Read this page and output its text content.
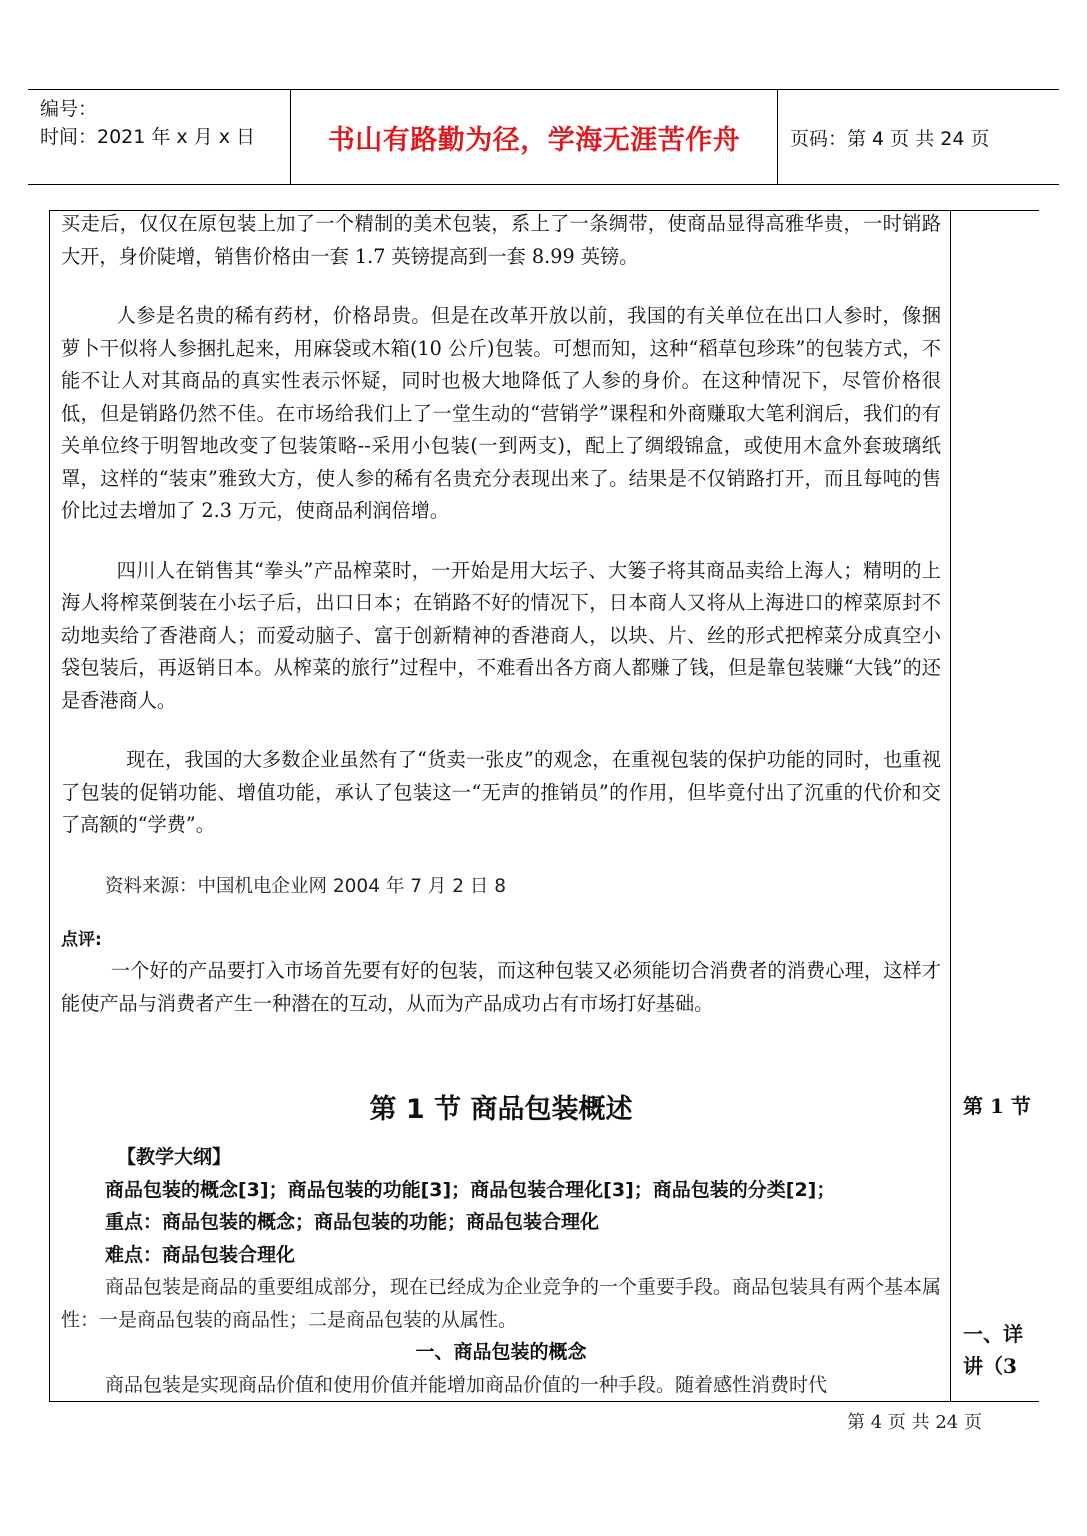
编号：
时间：2021 年 x 月 x 日	书山有路勤为径，学海无涯苦作舟	页码：第 4 页 共 24 页

买走后，仅仅在原包装上加了一个精制的美术包装，系上了一条绸带，使商品显得高雅华贵，一时销路大开，身价陡增，销售价格由一套 1.7 英镑提高到一套 8.99 英镑。

人参是名贵的稀有药材，价格昂贵。但是在改革开放以前，我国的有关单位在出口人参时，像捆萝卜干似将人参捆扎起来，用麻袋或木箱(10 公斤)包装。可想而知，这种“稻草包珍珠”的包装方式，不能不让人对其商品的真实性表示怀疑，同时也极大地降低了人参的身价。在这种情况下，尽管价格很低，但是销路仍然不佳。在市场给我们上了一堂生动的“营销学”课程和外商赚取大笔利润后，我们的有关单位终于明智地改变了包装策略--采用小包装(一到两支)，配上了绸缎锦盒，或使用木盒外套玻璃纸罩，这样的“装束”雅致大方，使人参的稀有名贵充分表现出来了。结果是不仅销路打开，而且每吨的售价比过去增加了 2.3 万元，使商品利润倍增。

四川人在销售其“拳头”产品榨菜时，一开始是用大坛子、大篓子将其商品卖给上海人；精明的上海人将榨菜倒装在小坛子后，出口日本；在销路不好的情况下，日本商人又将从上海进口的榨菜原封不动地卖给了香港商人；而爱动脑子、富于创新精神的香港商人，以块、片、丝的形式把榨菜分成真空小袋包装后，再返销日本。从榨菜的旅行”过程中，不难看出各方商人都赚了钱，但是靠包装赚“大钱”的还是香港商人。

现在，我国的大多数企业虽然有了“货卖一张皮”的观念，在重视包装的保护功能的同时，也重视了包装的促销功能、增值功能，承认了包装这一“无声的推销员”的作用，但毕竟付出了沉重的代价和交了高额的“学费”。

资料来源：中国机电企业网 2004 年 7 月 2 日 8

点评:

一个好的产品要打入市场首先要有好的包装，而这种包装又必须能切合消费者的消费心理，这样才能使产品与消费者产生一种潜在的互动，从而为产品成功占有市场打好基础。

第 1 节 商品包装概述
【教学大纲】
商品包装的概念[3]；商品包装的功能[3]；商品包装合理化[3]；商品包装的分类[2]；
重点：商品包装的概念；商品包装的功能；商品包装合理化
难点：商品包装合理化
商品包装是商品的重要组成部分，现在已经成为企业竞争的一个重要手段。商品包装具有两个基本属性：一是商品包装的商品性；二是商品包装的从属性。
一、商品包装的概念
商品包装是实现商品价值和使用价值并能增加商品价值的一种手段。随着感性消费时代
第 1 节
一、详
讲（3
第 4 页 共 24 页
